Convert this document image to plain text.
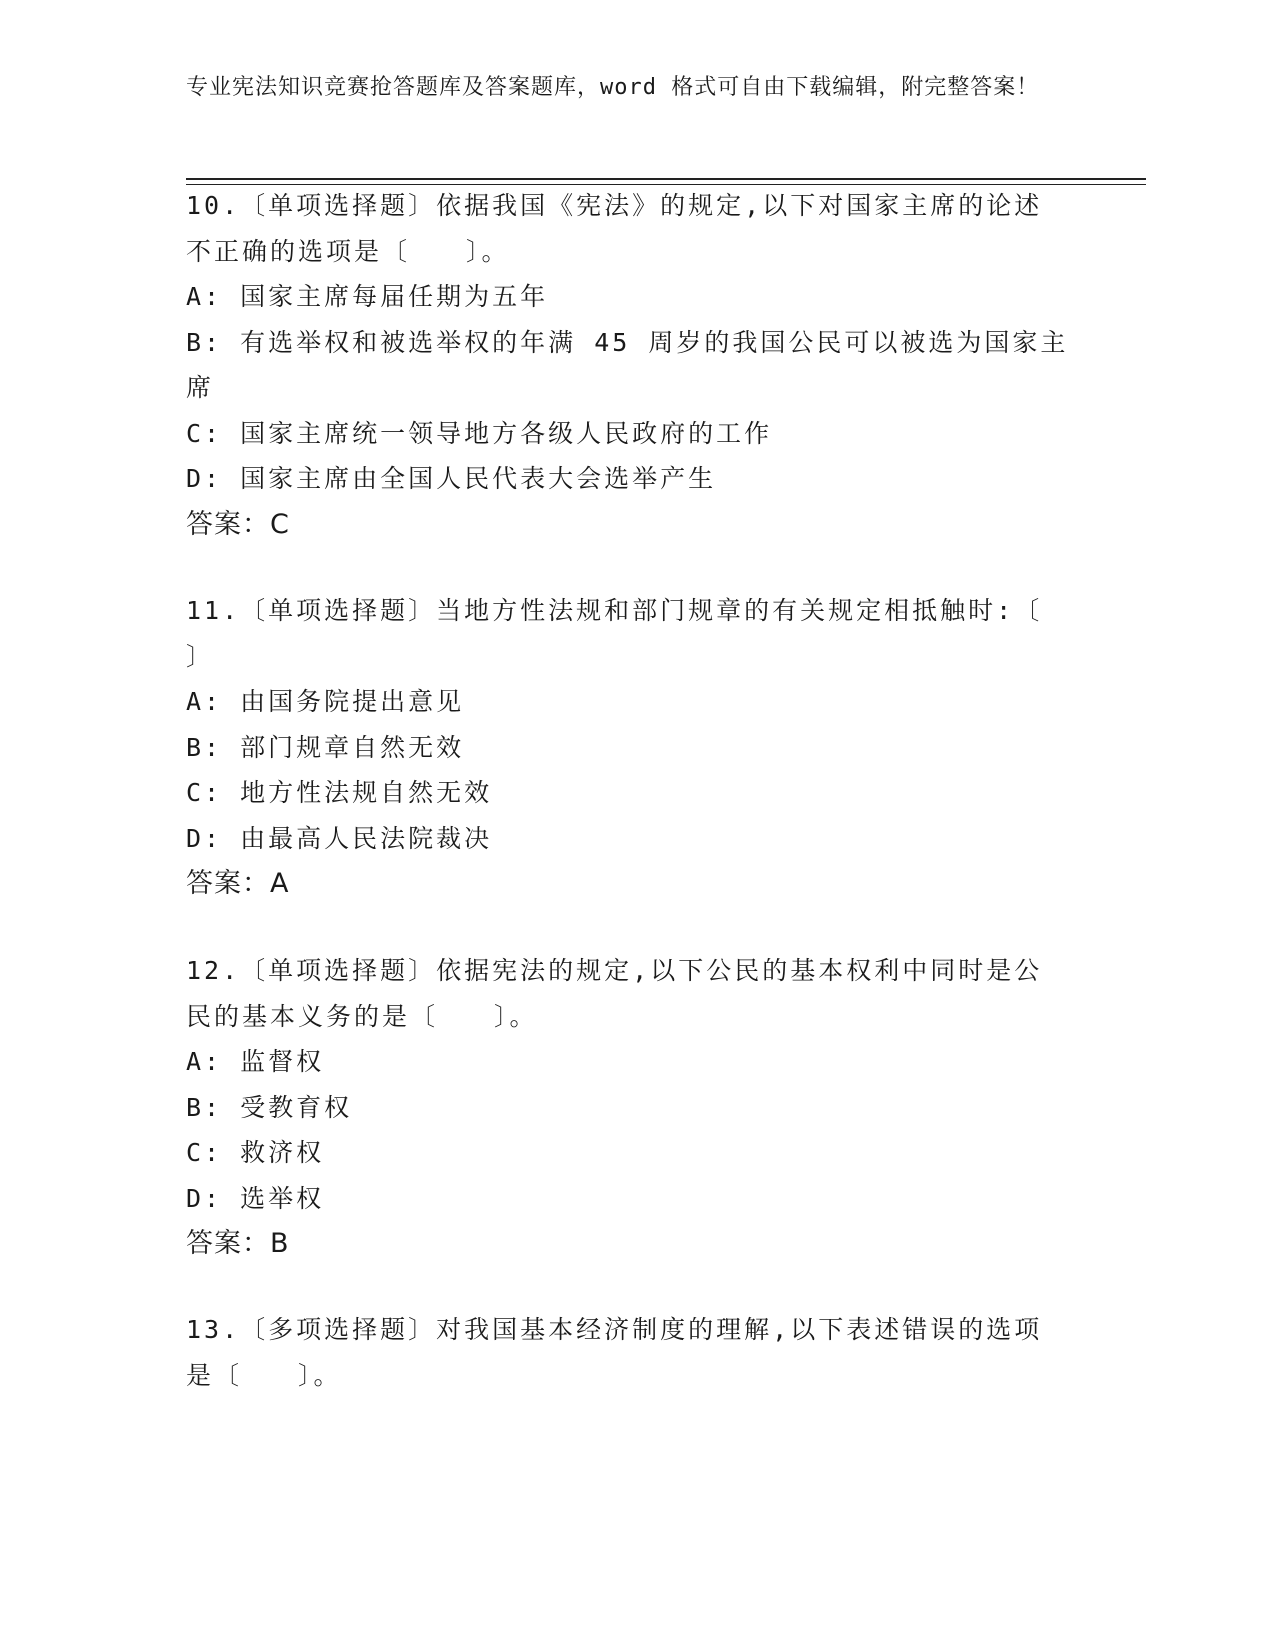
专业宪法知识竞赛抢答题库及答案题库，word 格式可自由下载编辑，附完整答案！
10.〔单项选择题〕依据我国《宪法》的规定,以下对国家主席的论述
不正确的选项是〔　　〕。
A: 国家主席每届任期为五年
B: 有选举权和被选举权的年满 45 周岁的我国公民可以被选为国家主
席
C: 国家主席统一领导地方各级人民政府的工作
D: 国家主席由全国人民代表大会选举产生
答案：C
11.〔单项选择题〕当地方性法规和部门规章的有关规定相抵触时:〔
〕
A: 由国务院提出意见
B: 部门规章自然无效
C: 地方性法规自然无效
D: 由最高人民法院裁决
答案：A
12.〔单项选择题〕依据宪法的规定,以下公民的基本权利中同时是公
民的基本义务的是〔　　〕。
A: 监督权
B: 受教育权
C: 救济权
D: 选举权
答案：B
13.〔多项选择题〕对我国基本经济制度的理解,以下表述错误的选项
是〔　　〕。
